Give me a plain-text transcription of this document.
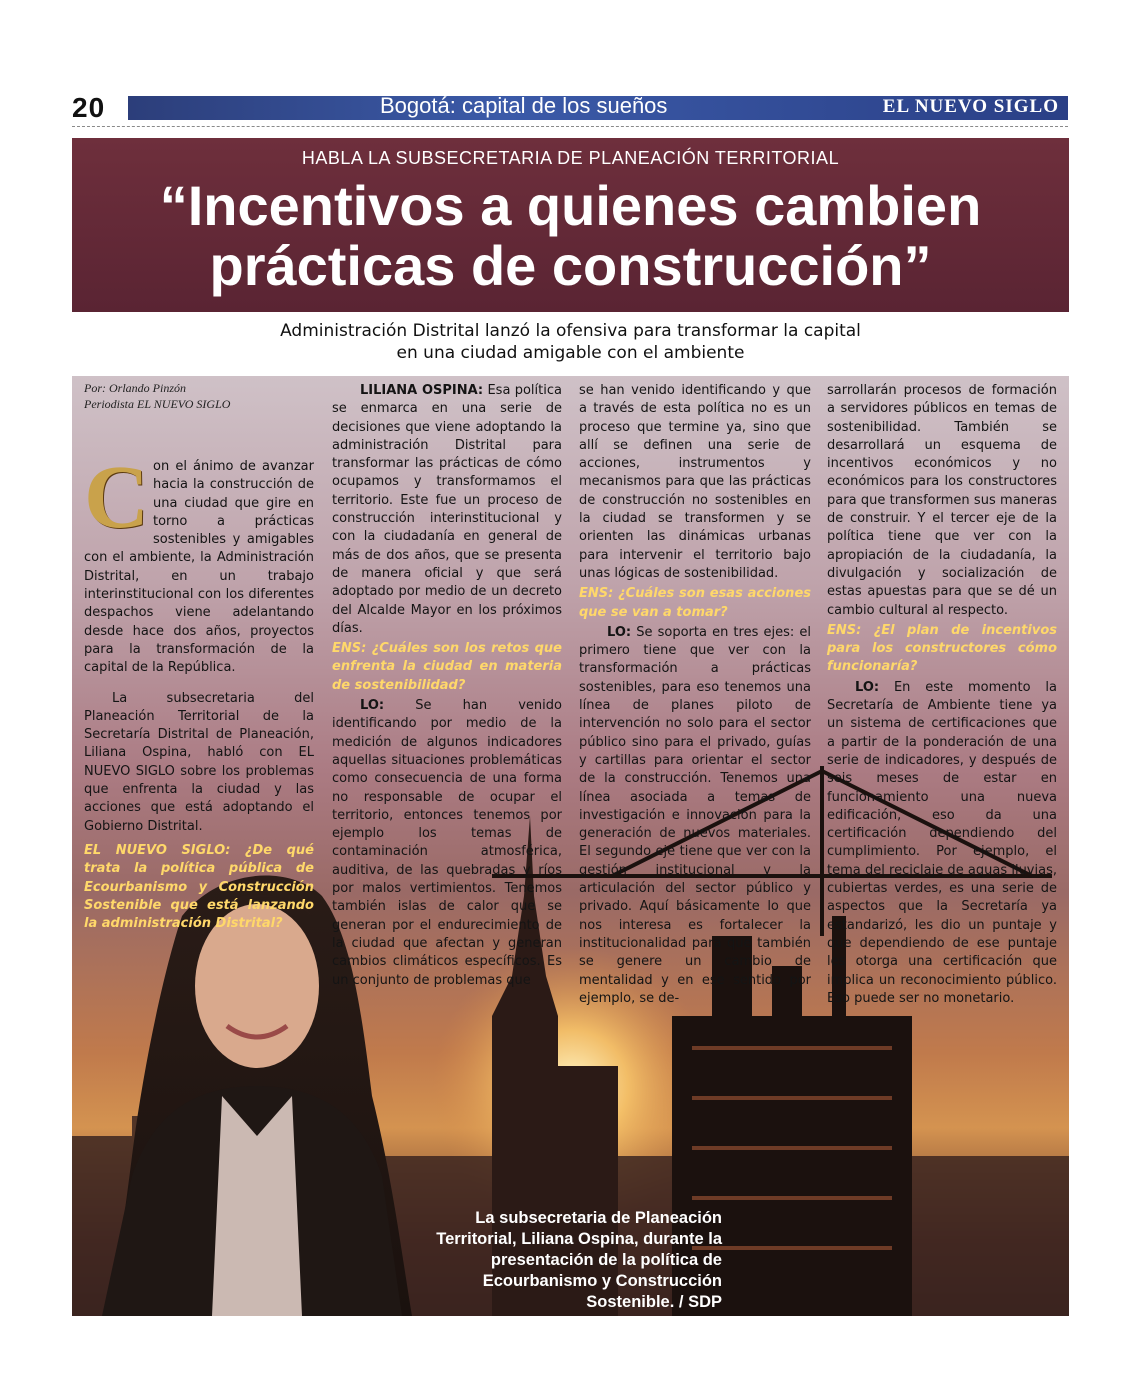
20	Bogotá: capital de los sueños	EL NUEVO SIGLO
HABLA LA SUBSECRETARIA DE PLANEACIÓN TERRITORIAL
“Incentivos a quienes cambien
prácticas de construcción”
Administración Distrital lanzó la ofensiva para transformar la capital
en una ciudad amigable con el ambiente
Por: Orlando Pinzón
Periodista EL NUEVO SIGLO

Con el ánimo de avanzar hacia la construcción de una ciudad que gire en torno a prácticas sostenibles y amigables con el ambiente, la Administración Distrital, en un trabajo interinstitucional con los diferentes despachos viene adelantando desde hace dos años, proyectos para la transformación de la capital de la República.

La subsecretaria del Planeación Territorial de la Secretaría Distrital de Planeación, Liliana Ospina, habló con EL NUEVO SIGLO sobre los problemas que enfrenta la ciudad y las acciones que está adoptando el Gobierno Distrital.

EL NUEVO SIGLO: ¿De qué trata la política pública de Ecourbanismo y Construcción Sostenible que está lanzando la administración Distrital?

LILIANA OSPINA: Esa política se enmarca en una serie de decisiones que viene adoptando la administración Distrital para transformar las prácticas de cómo ocupamos y transformamos el territorio. Este fue un proceso de construcción interinstitucional y con la ciudadanía en general de más de dos años, que se presenta de manera oficial y que será adoptado por medio de un decreto del Alcalde Mayor en los próximos días.

ENS: ¿Cuáles son los retos que enfrenta la ciudad en materia de sostenibilidad?

LO: Se han venido identificando por medio de la medición de algunos indicadores aquellas situaciones problemáticas como consecuencia de una forma no responsable de ocupar el territorio, entonces tenemos por ejemplo los temas de contaminación atmosférica, auditiva, de las quebradas y ríos por malos vertimientos. Tenemos también islas de calor que se generan por el endurecimiento de la ciudad que afectan y generan cambios climáticos específicos. Es un conjunto de problemas que

se han venido identificando y que a través de esta política no es un proceso que termine ya, sino que allí se definen una serie de acciones, instrumentos y mecanismos para que las prácticas de construcción no sostenibles en la ciudad se transformen y se orienten las dinámicas urbanas para intervenir el territorio bajo unas lógicas de sostenibilidad.

ENS: ¿Cuáles son esas acciones que se van a tomar?

LO: Se soporta en tres ejes: el primero tiene que ver con la transformación a prácticas sostenibles, para eso tenemos una línea de planes piloto de intervención no solo para el sector público sino para el privado, guías y cartillas para orientar el sector de la construcción. Tenemos una línea asociada a temas de investigación e innovación para la generación de nuevos materiales. El segundo eje tiene que ver con la gestión institucional y la articulación del sector público y privado. Aquí básicamente lo que nos interesa es fortalecer la institucionalidad para que también se genere un cambio de mentalidad y en ese sentido por ejemplo, se de-

sarrollarán procesos de formación a servidores públicos en temas de sostenibilidad. También se desarrollará un esquema de incentivos económicos y no económicos para los constructores para que transformen sus maneras de construir. Y el tercer eje de la política tiene que ver con la apropiación de la ciudadanía, la divulgación y socialización de estas apuestas para que se dé un cambio cultural al respecto.

ENS: ¿El plan de incentivos para los constructores cómo funcionaría?

LO: En este momento la Secretaría de Ambiente tiene ya un sistema de certificaciones que a partir de la ponderación de una serie de indicadores, y después de seis meses de estar en funcionamiento una nueva edificación, eso da una certificación dependiendo del cumplimiento. Por ejemplo, el tema del reciclaje de aguas lluvias, cubiertas verdes, es una serie de aspectos que la Secretaría ya estandarizó, les dio un puntaje y que dependiendo de ese puntaje les otorga una certificación que implica un reconocimiento público. Eso puede ser no monetario.

La subsecretaria de Planeación Territorial, Liliana Ospina, durante la presentación de la política de Ecourbanismo y Construcción Sostenible. / SDP
